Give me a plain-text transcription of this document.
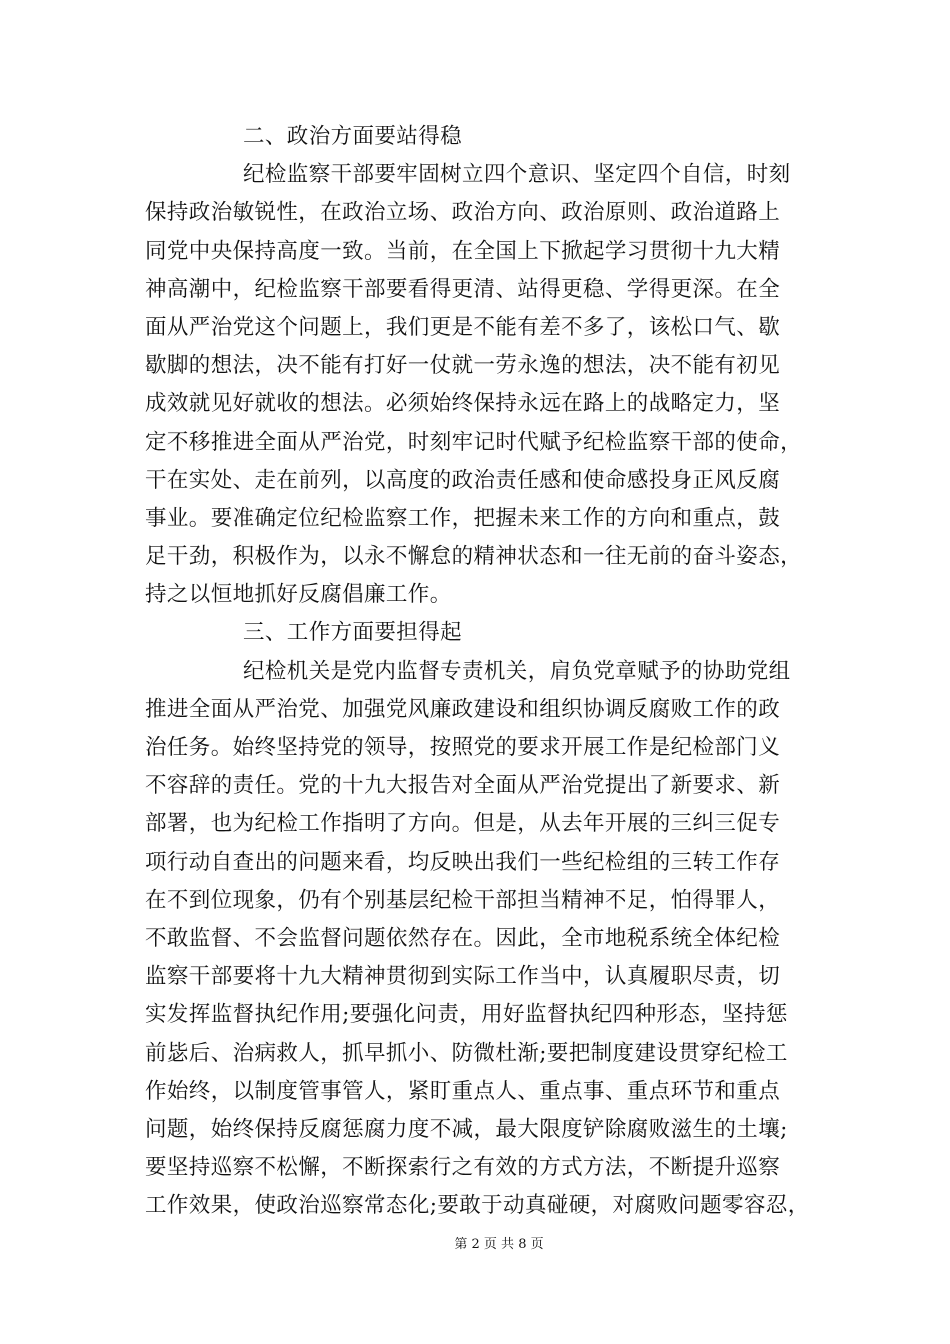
二、政治方面要站得稳
纪检监察干部要牢固树立四个意识、坚定四个自信，时刻
保持政治敏锐性，在政治立场、政治方向、政治原则、政治道路上
同党中央保持高度一致。当前，在全国上下掀起学习贯彻十九大精
神高潮中，纪检监察干部要看得更清、站得更稳、学得更深。在全
面从严治党这个问题上，我们更是不能有差不多了，该松口气、歇
歇脚的想法，决不能有打好一仗就一劳永逸的想法，决不能有初见
成效就见好就收的想法。必须始终保持永远在路上的战略定力，坚
定不移推进全面从严治党，时刻牢记时代赋予纪检监察干部的使命，
干在实处、走在前列，以高度的政治责任感和使命感投身正风反腐
事业。要准确定位纪检监察工作，把握未来工作的方向和重点，鼓
足干劲，积极作为，以永不懈怠的精神状态和一往无前的奋斗姿态，
持之以恒地抓好反腐倡廉工作。
三、工作方面要担得起
纪检机关是党内监督专责机关，肩负党章赋予的协助党组
推进全面从严治党、加强党风廉政建设和组织协调反腐败工作的政
治任务。始终坚持党的领导，按照党的要求开展工作是纪检部门义
不容辞的责任。党的十九大报告对全面从严治党提出了新要求、新
部署，也为纪检工作指明了方向。但是，从去年开展的三纠三促专
项行动自查出的问题来看，均反映出我们一些纪检组的三转工作存
在不到位现象，仍有个别基层纪检干部担当精神不足，怕得罪人，
不敢监督、不会监督问题依然存在。因此，全市地税系统全体纪检
监察干部要将十九大精神贯彻到实际工作当中，认真履职尽责，切
实发挥监督执纪作用;要强化问责，用好监督执纪四种形态，坚持惩
前毖后、治病救人，抓早抓小、防微杜渐;要把制度建设贯穿纪检工
作始终，以制度管事管人，紧盯重点人、重点事、重点环节和重点
问题，始终保持反腐惩腐力度不减，最大限度铲除腐败滋生的土壤;
要坚持巡察不松懈，不断探索行之有效的方式方法，不断提升巡察
工作效果，使政治巡察常态化;要敢于动真碰硬，对腐败问题零容忍，
第 2 页 共 8 页
